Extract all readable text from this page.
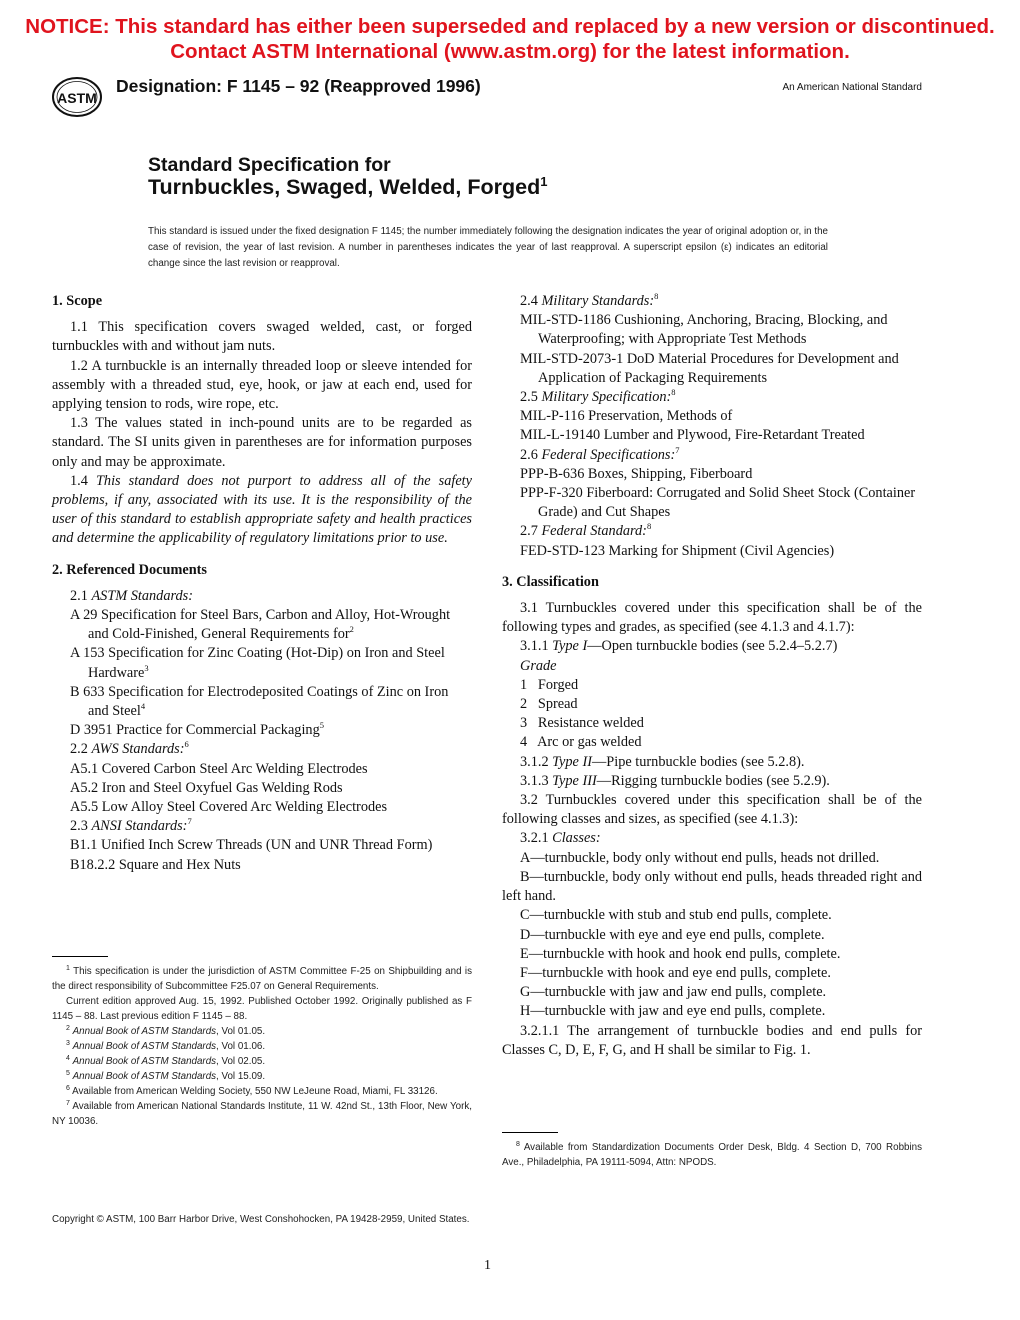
NOTICE: This standard has either been superseded and replaced by a new version or discontinued.
Contact ASTM International (www.astm.org) for the latest information.
ASTM
Designation: F 1145 – 92 (Reapproved 1996)	An American National Standard
Standard Specification for
Turnbuckles, Swaged, Welded, Forged$^1$
This standard is issued under the fixed designation F 1145; the number immediately following the designation indicates the year of original adoption or, in the case of revision, the year of last revision. A number in parentheses indicates the year of last reapproval. A superscript epsilon (ε) indicates an editorial change since the last revision or reapproval.

1. Scope

1.1 This specification covers swaged welded, cast, or forged turnbuckles with and without jam nuts.

1.2 A turnbuckle is an internally threaded loop or sleeve intended for assembly with a threaded stud, eye, hook, or jaw at each end, used for applying tension to rods, wire rope, etc.

1.3 The values stated in inch-pound units are to be regarded as standard. The SI units given in parentheses are for information purposes only and may be approximate.

1.4 This standard does not purport to address all of the safety problems, if any, associated with its use. It is the responsibility of the user of this standard to establish appropriate safety and health practices and determine the applicability of regulatory limitations prior to use.

2. Referenced Documents

2.1 ASTM Standards:

A 29 Specification for Steel Bars, Carbon and Alloy, Hot-Wrought and Cold-Finished, General Requirements for$^2$

A 153 Specification for Zinc Coating (Hot-Dip) on Iron and Steel Hardware$^3$

B 633 Specification for Electrodeposited Coatings of Zinc on Iron and Steel$^4$

D 3951 Practice for Commercial Packaging$^5$

2.2 AWS Standards:$^6$

A5.1 Covered Carbon Steel Arc Welding Electrodes

A5.2 Iron and Steel Oxyfuel Gas Welding Rods

A5.5 Low Alloy Steel Covered Arc Welding Electrodes

2.3 ANSI Standards:$^7$

B1.1 Unified Inch Screw Threads (UN and UNR Thread Form)

B18.2.2 Square and Hex Nuts

$^1$ This specification is under the jurisdiction of ASTM Committee F-25 on Shipbuilding and is the direct responsibility of Subcommittee F25.07 on General Requirements.

Current edition approved Aug. 15, 1992. Published October 1992. Originally published as F 1145 – 88. Last previous edition F 1145 – 88.

$^2$ Annual Book of ASTM Standards, Vol 01.05.

$^3$ Annual Book of ASTM Standards, Vol 01.06.

$^4$ Annual Book of ASTM Standards, Vol 02.05.

$^5$ Annual Book of ASTM Standards, Vol 15.09.

$^6$ Available from American Welding Society, 550 NW LeJeune Road, Miami, FL 33126.

$^7$ Available from American National Standards Institute, 11 W. 42nd St., 13th Floor, New York, NY 10036.

2.4 Military Standards:$^8$

MIL-STD-1186 Cushioning, Anchoring, Bracing, Blocking, and Waterproofing; with Appropriate Test Methods

MIL-STD-2073-1 DoD Material Procedures for Development and Application of Packaging Requirements

2.5 Military Specification:$^8$

MIL-P-116 Preservation, Methods of

MIL-L-19140 Lumber and Plywood, Fire-Retardant Treated

2.6 Federal Specifications:$^7$

PPP-B-636 Boxes, Shipping, Fiberboard

PPP-F-320 Fiberboard: Corrugated and Solid Sheet Stock (Container Grade) and Cut Shapes

2.7 Federal Standard:$^8$

FED-STD-123 Marking for Shipment (Civil Agencies)

3. Classification

3.1 Turnbuckles covered under this specification shall be of the following types and grades, as specified (see 4.1.3 and 4.1.7):

3.1.1 Type I—Open turnbuckle bodies (see 5.2.4–5.2.7)

Grade

1   Forged

2   Spread

3   Resistance welded

4   Arc or gas welded

3.1.2 Type II—Pipe turnbuckle bodies (see 5.2.8).

3.1.3 Type III—Rigging turnbuckle bodies (see 5.2.9).

3.2 Turnbuckles covered under this specification shall be of the following classes and sizes, as specified (see 4.1.3):

3.2.1 Classes:

A—turnbuckle, body only without end pulls, heads not drilled.

B—turnbuckle, body only without end pulls, heads threaded right and left hand.

C—turnbuckle with stub and stub end pulls, complete.

D—turnbuckle with eye and eye end pulls, complete.

E—turnbuckle with hook and hook end pulls, complete.

F—turnbuckle with hook and eye end pulls, complete.

G—turnbuckle with jaw and jaw end pulls, complete.

H—turnbuckle with jaw and eye end pulls, complete.

3.2.1.1 The arrangement of turnbuckle bodies and end pulls for Classes C, D, E, F, G, and H shall be similar to Fig. 1.

$^8$ Available from Standardization Documents Order Desk, Bldg. 4 Section D, 700 Robbins Ave., Philadelphia, PA 19111-5094, Attn: NPODS.

Copyright © ASTM, 100 Barr Harbor Drive, West Conshohocken, PA 19428-2959, United States.
1
